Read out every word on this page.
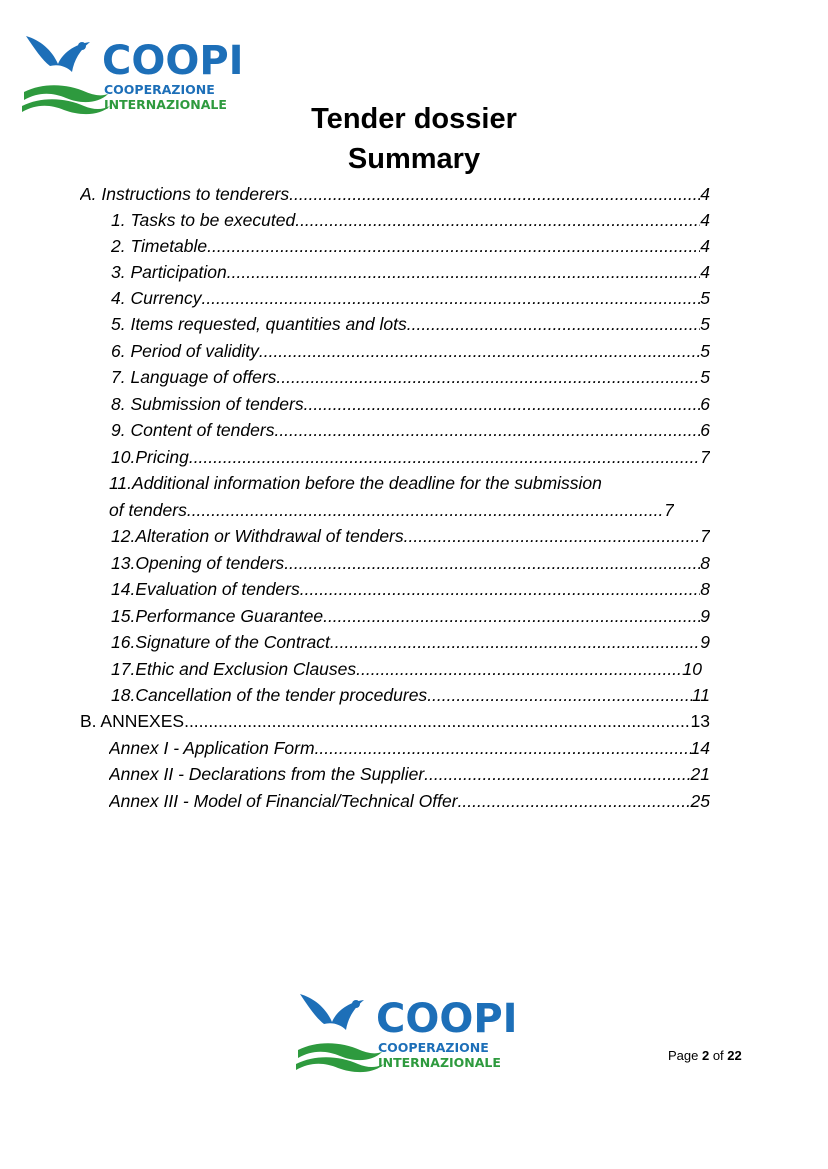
COOPI
COOPERAZIONE
INTERNAZIONALE	Tender dossier
Summary
A. Instructions to tenderers .....	4
1. Tasks to be executed .....	4
2. Timetable .....	4
3. Participation .....	4
4. Currency .....	5
5. Items requested, quantities and lots .....	5
6. Period of validity .....	5
7. Language of offers .....	5
8. Submission of tenders .....	6
9. Content of tenders .....	6
10.Pricing .....	7
11.Additional information before the deadline for the submission
of tenders .....	7
12.Alteration or Withdrawal of tenders .....	7
13.Opening of tenders .....	8
14.Evaluation of tenders .....	8
15.Performance Guarantee .....	9
16.Signature of the Contract .....	9
17.Ethic and Exclusion Clauses .....	10
18.Cancellation of the tender procedures .....	11
B. ANNEXES .....	13
Annex I - Application Form .....	14
Annex II - Declarations from the Supplier .....	21
Annex III - Model of Financial/Technical Offer .....	25
COOPI
COOPERAZIONE
INTERNAZIONALE	Page 2 of 22
